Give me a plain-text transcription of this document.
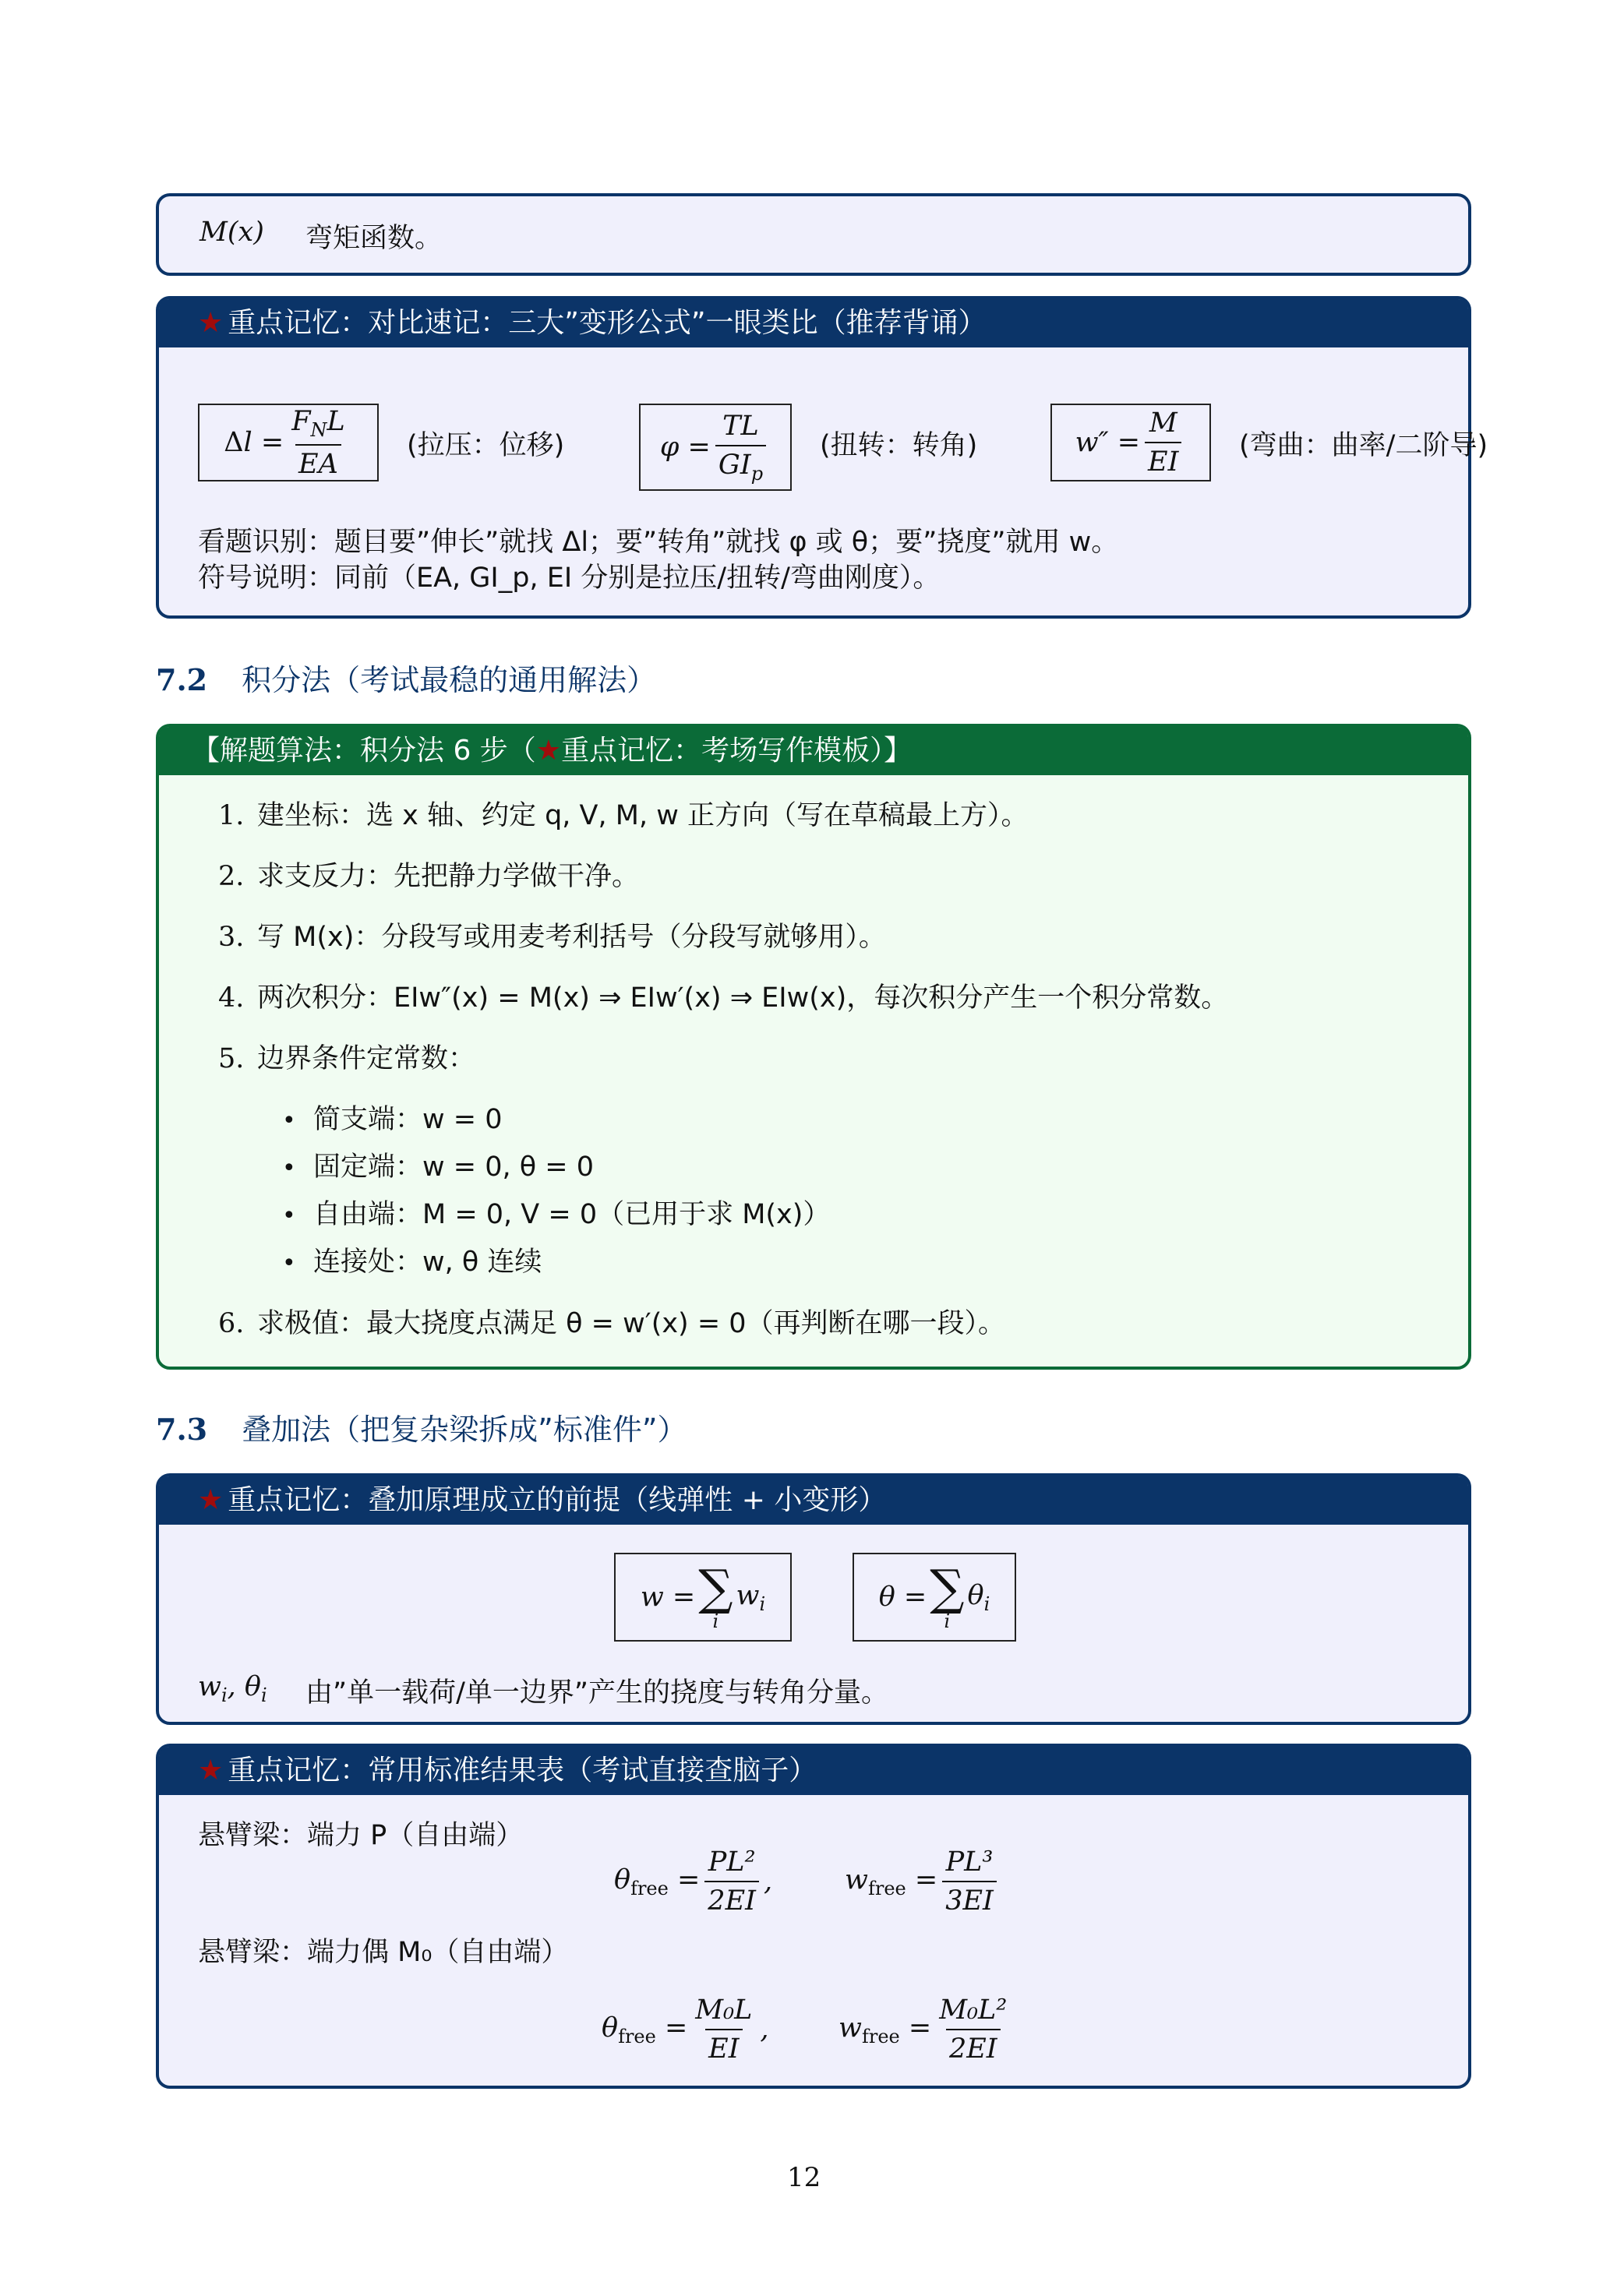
M(x) 弯矩函数。
★ 重点记忆：对比速记：三大”变形公式”一眼类比（推荐背诵）
$\Delta l = \frac{F_NL}{EA}$ (拉压：位移)	$\varphi = \frac{TL}{GI_p}$ (扭转：转角)	$w'' = \frac{M}{EI}$ (弯曲：曲率/二阶导)
看题识别：题目要”伸长”就找 Δl；要”转角”就找 φ 或 θ；要”挠度”就用 w。
符号说明：同前（EA, GI_p, EI 分别是拉压/扭转/弯曲刚度）。
7.2 积分法（考试最稳的通用解法）
【解题算法：积分法 6 步（★重点记忆：考场写作模板）】
1. 建坐标：选 x 轴、约定 q, V, M, w 正方向（写在草稿最上方）。
2. 求支反力：先把静力学做干净。
3. 写 M(x)：分段写或用麦考利括号（分段写就够用）。
4. 两次积分：EIw″(x) = M(x) ⇒ EIw′(x) ⇒ EIw(x)，每次积分产生一个积分常数。
5. 边界条件定常数：
• 简支端：w = 0
• 固定端：w = 0, θ = 0
• 自由端：M = 0, V = 0（已用于求 M(x)）
• 连接处：w, θ 连续
6. 求极值：最大挠度点满足 θ = w′(x) = 0（再判断在哪一段）。
7.3 叠加法（把复杂梁拆成”标准件”）
★ 重点记忆：叠加原理成立的前提（线弹性 + 小变形）
w = ∑
i
$w_i$	θ = ∑
i
$\theta_i$
$w_i$, $\theta_i$ 由”单一载荷/单一边界”产生的挠度与转角分量。
★ 重点记忆：常用标准结果表（考试直接查脑子）
悬臂梁：端力 P（自由端）
$\theta_{free} = \frac{\text{PL²}}{2EI}$ ,	$w_{free} = \frac{\text{PL³}}{3EI}$
悬臂梁：端力偶 M₀（自由端）
$\theta_{free} = \frac{\text{M₀L}}{EI}$ ,	$w_{free} = \frac{\text{M₀L²}}{2EI}$
12
